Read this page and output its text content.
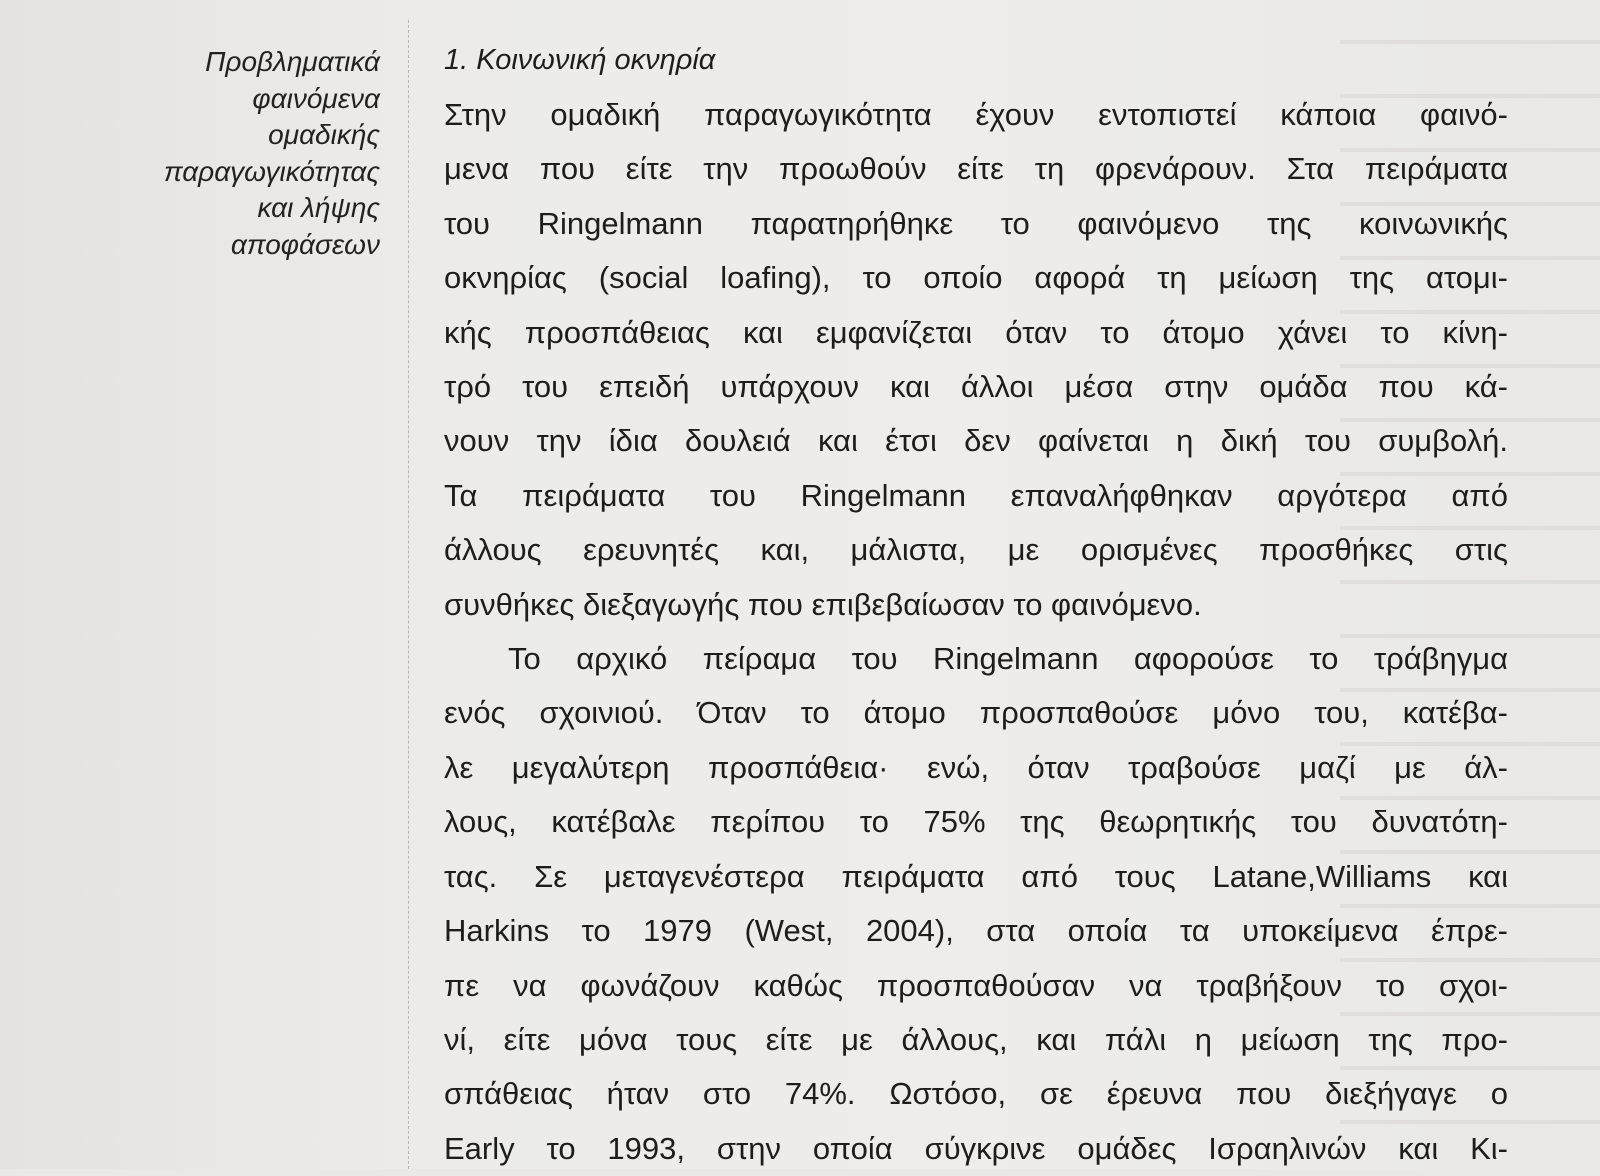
Προβληματικά
φαινόμενα
ομαδικής
παραγωγικότητας
και λήψης
αποφάσεων
1. Κοινωνική οκνηρία
Στην ομαδική παραγωγικότητα έχουν εντοπιστεί κάποια φαινό-
μενα που είτε την προωθούν είτε τη φρενάρουν. Στα πειράματα
του Ringelmann παρατηρήθηκε το φαινόμενο της κοινωνικής
οκνηρίας (social loafing), το οποίο αφορά τη μείωση της ατομι-
κής προσπάθειας και εμφανίζεται όταν το άτομο χάνει το κίνη-
τρό του επειδή υπάρχουν και άλλοι μέσα στην ομάδα που κά-
νουν την ίδια δουλειά και έτσι δεν φαίνεται η δική του συμβολή.
Τα πειράματα του Ringelmann επαναλήφθηκαν αργότερα από
άλλους ερευνητές και, μάλιστα, με ορισμένες προσθήκες στις
συνθήκες διεξαγωγής που επιβεβαίωσαν το φαινόμενο.
Το αρχικό πείραμα του Ringelmann αφορούσε το τράβηγμα
ενός σχοινιού. Όταν το άτομο προσπαθούσε μόνο του, κατέβα-
λε μεγαλύτερη προσπάθεια· ενώ, όταν τραβούσε μαζί με άλ-
λους, κατέβαλε περίπου το 75% της θεωρητικής του δυνατότη-
τας. Σε μεταγενέστερα πειράματα από τους Latane,Williams και
Harkins το 1979 (West, 2004), στα οποία τα υποκείμενα έπρε-
πε να φωνάζουν καθώς προσπαθούσαν να τραβήξουν το σχοι-
νί, είτε μόνα τους είτε με άλλους, και πάλι η μείωση της προ-
σπάθειας ήταν στο 74%. Ωστόσο, σε έρευνα που διεξήγαγε ο
Early το 1993, στην οποία σύγκρινε ομάδες Ισραηλινών και Κι-
